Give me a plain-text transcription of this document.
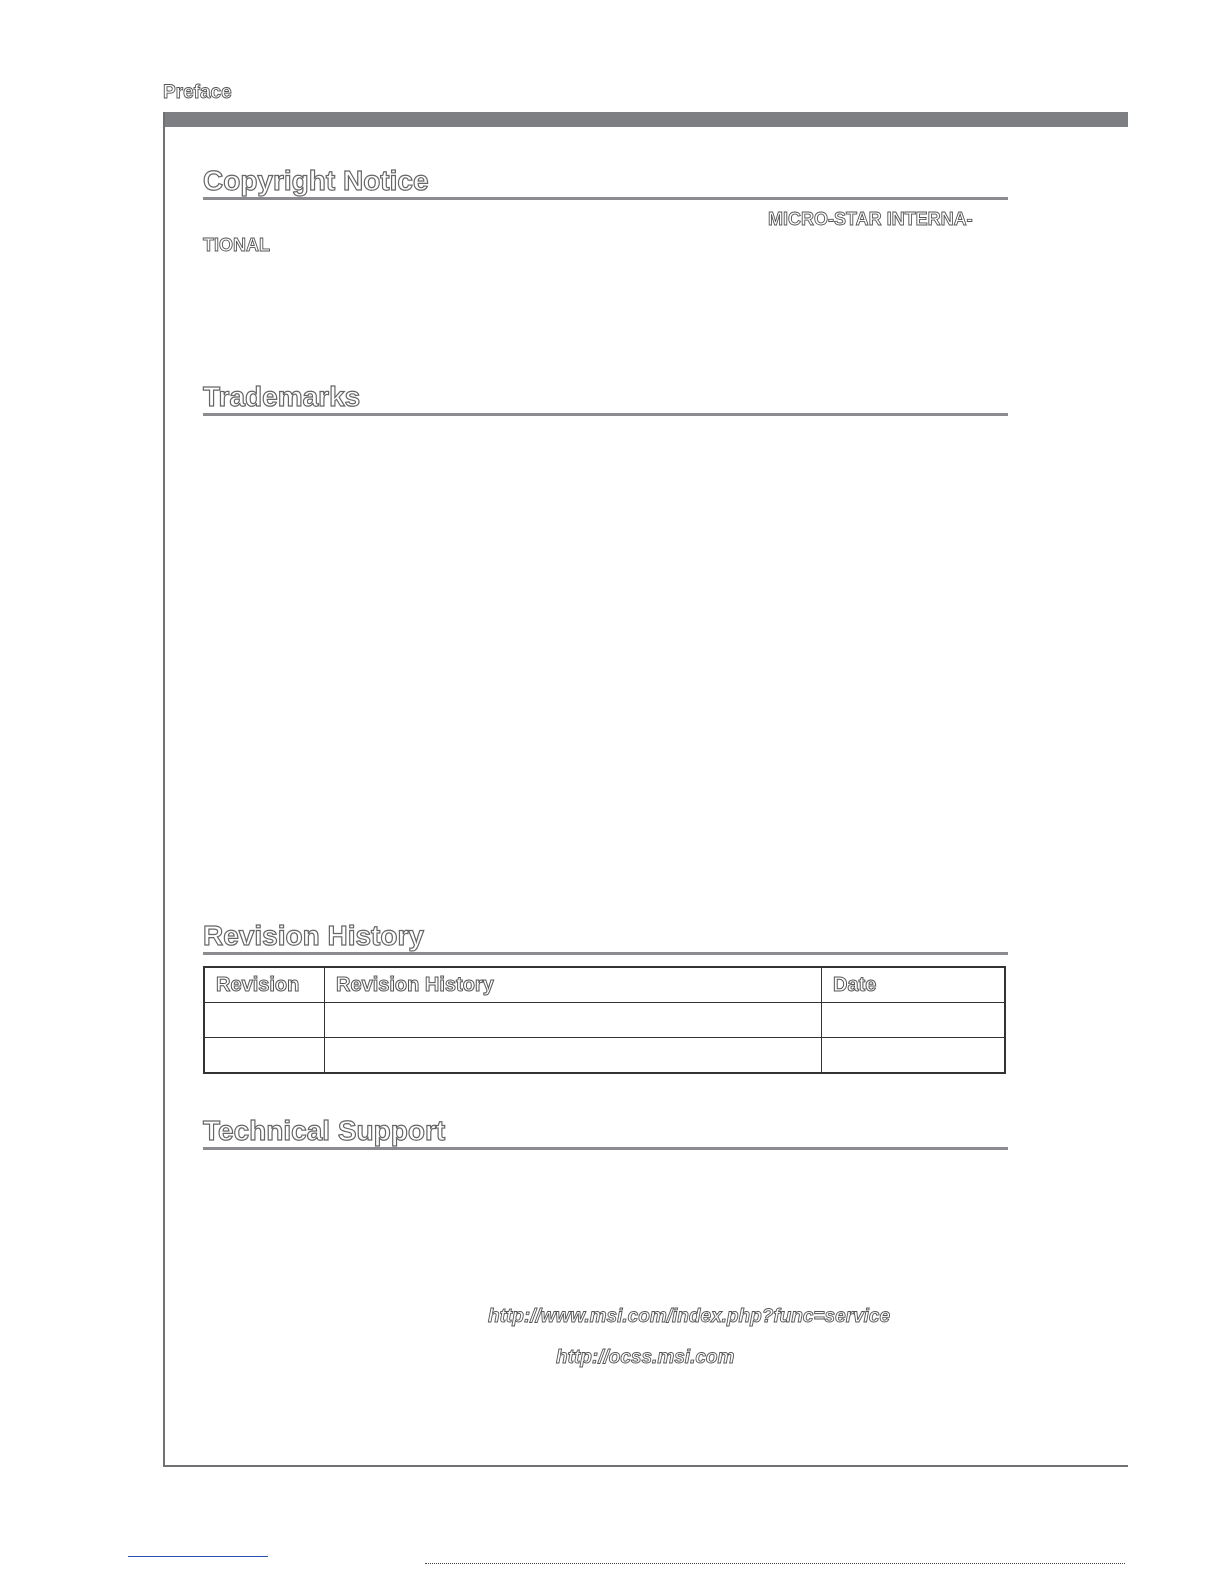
Preface
Copyright Notice
MICRO-STAR INTERNA-
TIONAL
Trademarks
Revision History
Revision	Revision History	Date

Technical Support
http://www.msi.com/index.php?func=service
http://ocss.msi.com
